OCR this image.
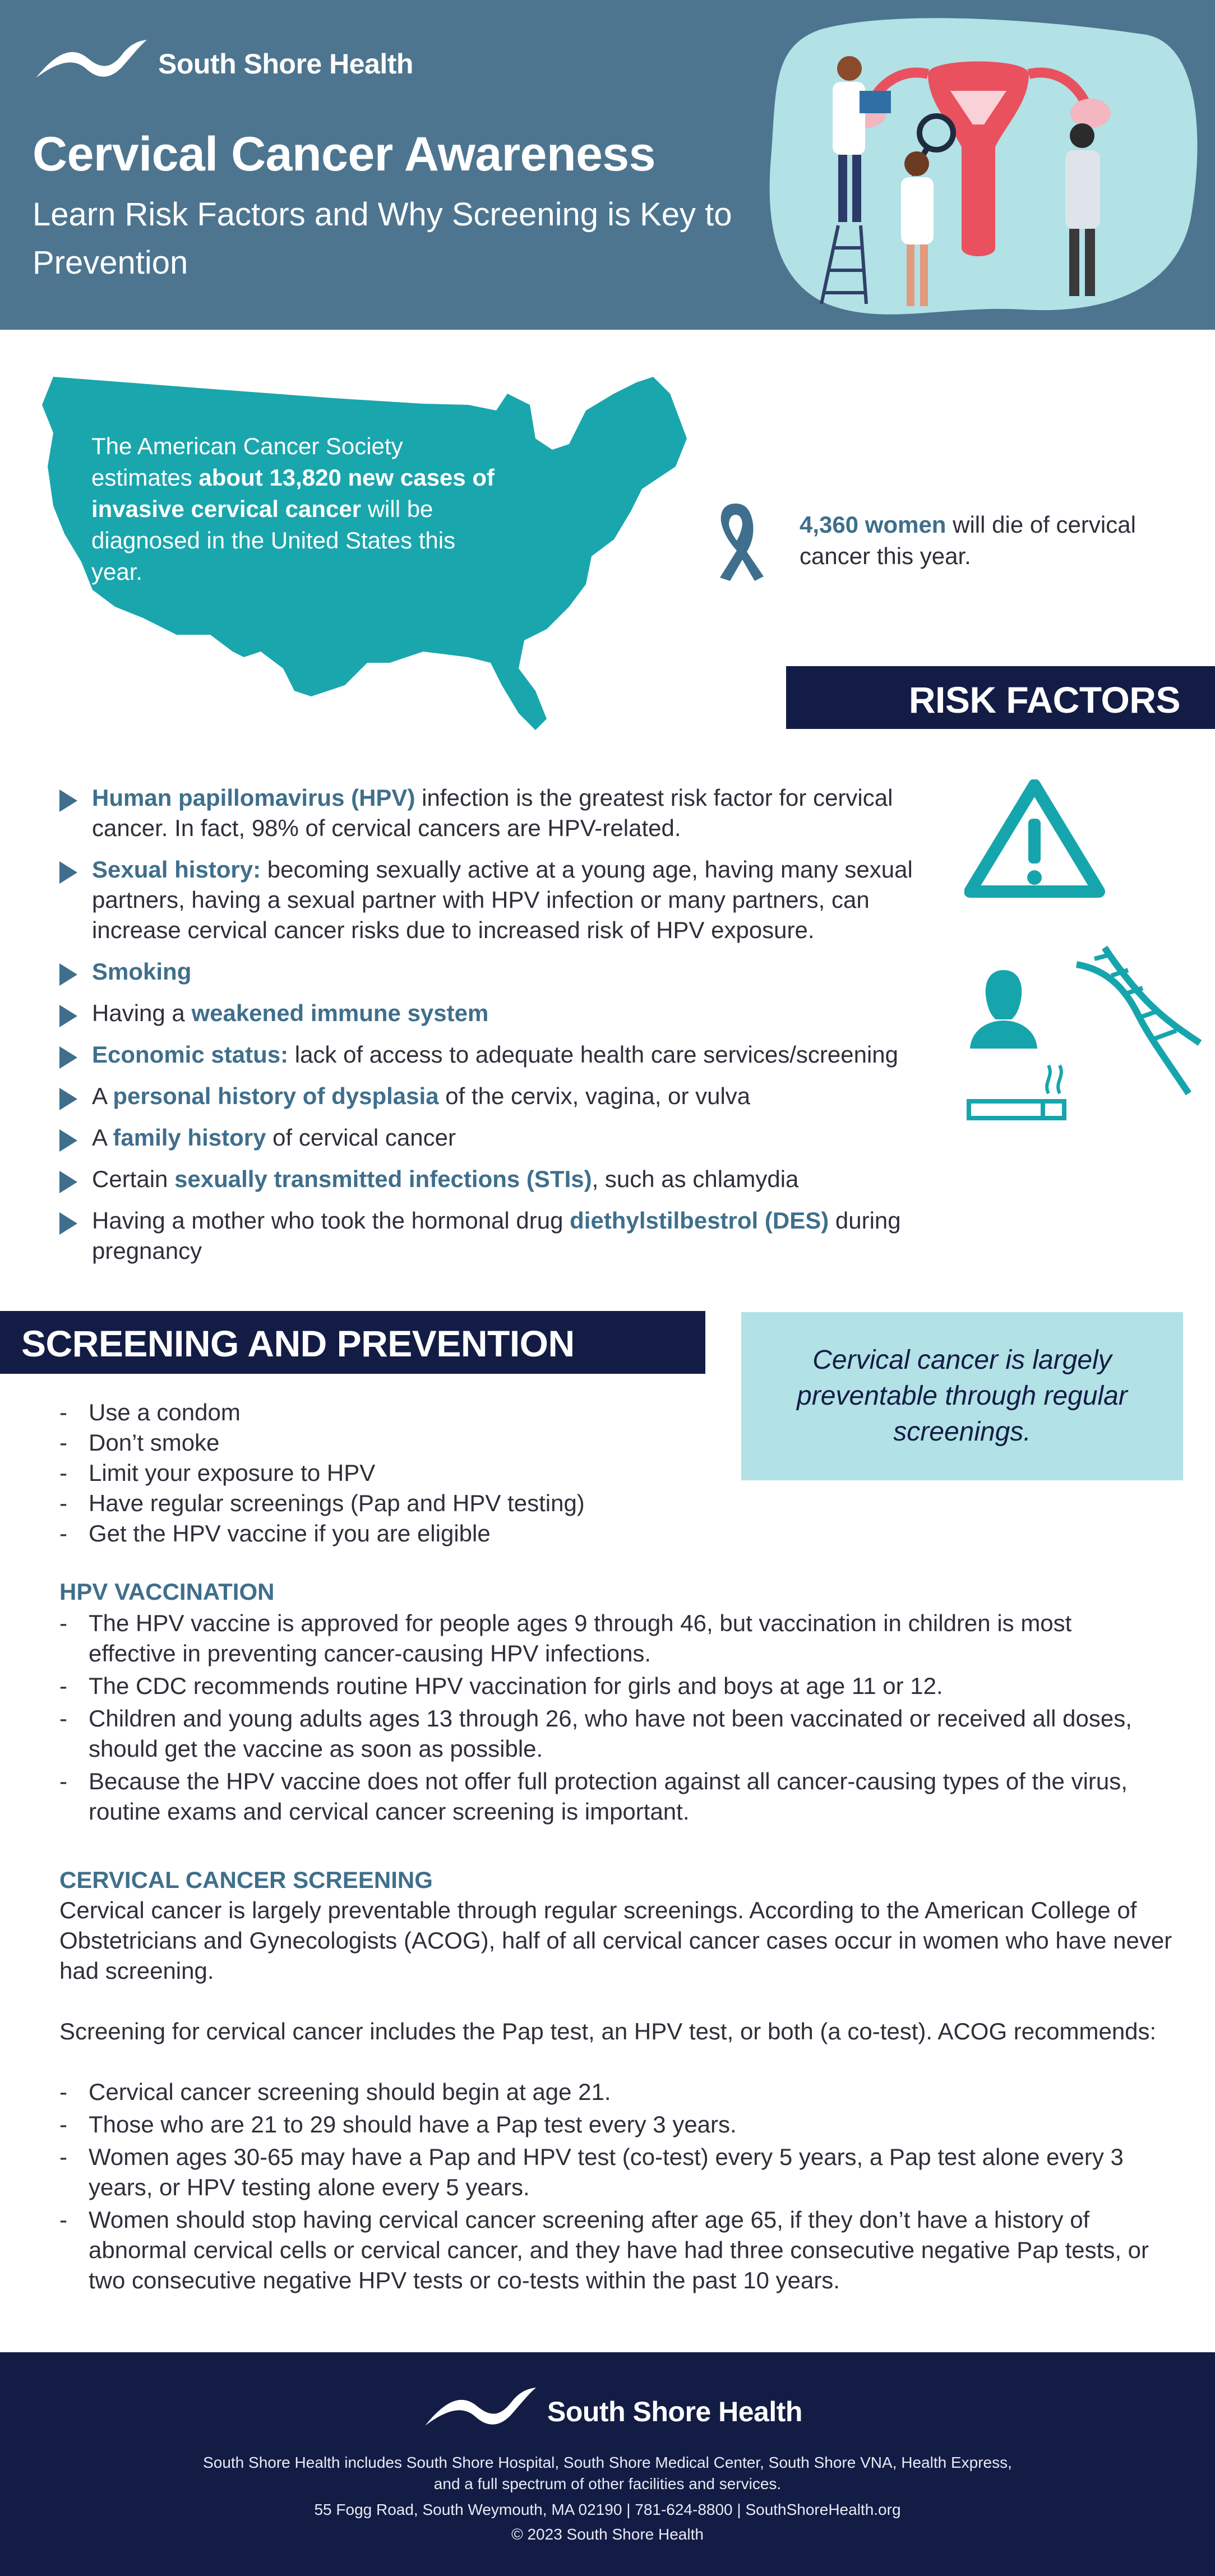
South Shore Health
Cervical Cancer Awareness
Learn Risk Factors and Why Screening is Key to Prevention
The American Cancer Society estimates about 13,820 new cases of invasive cervical cancer will be diagnosed in the United States this year.
4,360 women will die of cervical cancer this year.
RISK FACTORS
Human papillomavirus (HPV) infection is the greatest risk factor for cervical cancer. In fact, 98% of cervical cancers are HPV-related.
Sexual history: becoming sexually active at a young age, having many sexual partners, having a sexual partner with HPV infection or many partners, can increase cervical cancer risks due to increased risk of HPV exposure.
Smoking
Having a weakened immune system
Economic status: lack of access to adequate health care services/screening
A personal history of dysplasia of the cervix, vagina, or vulva
A family history of cervical cancer
Certain sexually transmitted infections (STIs), such as chlamydia
Having a mother who took the hormonal drug diethylstilbestrol (DES) during pregnancy
SCREENING AND PREVENTION	Cervical cancer is largely preventable through regular screenings.
- Use a condom
- Don’t smoke
- Limit your exposure to HPV
- Have regular screenings (Pap and HPV testing)
- Get the HPV vaccine if you are eligible
HPV VACCINATION
- The HPV vaccine is approved for people ages 9 through 46, but vaccination in children is most effective in preventing cancer-causing HPV infections.
- The CDC recommends routine HPV vaccination for girls and boys at age 11 or 12.
- Children and young adults ages 13 through 26, who have not been vaccinated or received all doses, should get the vaccine as soon as possible.
- Because the HPV vaccine does not offer full protection against all cancer-causing types of the virus, routine exams and cervical cancer screening is important.
CERVICAL CANCER SCREENING
Cervical cancer is largely preventable through regular screenings. According to the American College of Obstetricians and Gynecologists (ACOG), half of all cervical cancer cases occur in women who have never had screening.
Screening for cervical cancer includes the Pap test, an HPV test, or both (a co-test). ACOG recommends:
- Cervical cancer screening should begin at age 21.
- Those who are 21 to 29 should have a Pap test every 3 years.
- Women ages 30-65 may have a Pap and HPV test (co-test) every 5 years, a Pap test alone every 3 years, or HPV testing alone every 5 years.
- Women should stop having cervical cancer screening after age 65, if they don’t have a history of abnormal cervical cells or cervical cancer, and they have had three consecutive negative Pap tests, or two consecutive negative HPV tests or co-tests within the past 10 years.
South Shore Health
South Shore Health includes South Shore Hospital, South Shore Medical Center, South Shore VNA, Health Express,
and a full spectrum of other facilities and services.
55 Fogg Road, South Weymouth, MA 02190 | 781-624-8800 | SouthShoreHealth.org
© 2023 South Shore Health
